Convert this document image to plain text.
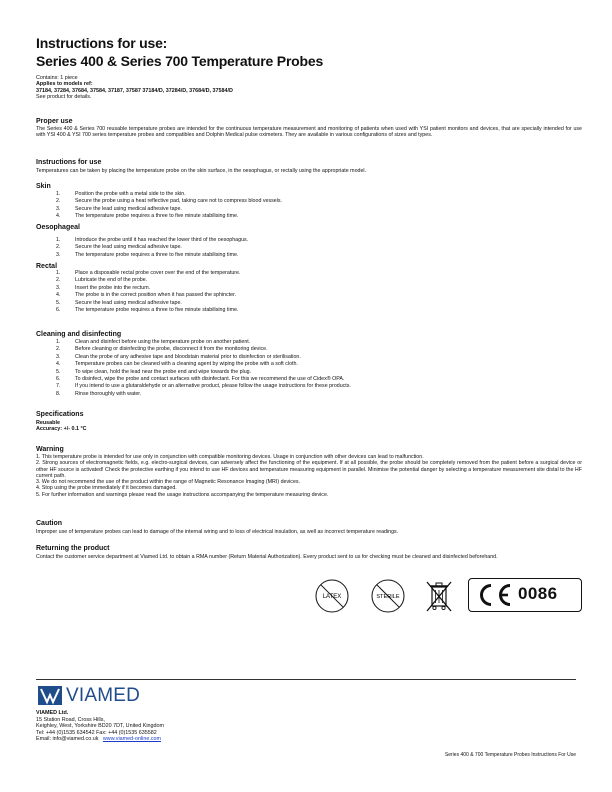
Instructions for use:
Series 400 & Series 700 Temperature Probes
Contains: 1 piece
Applies to models ref:
37184, 37284, 37684, 37584, 37187, 37587 37184/D, 37284/D, 37684/D, 37584/D
See product for details.
Proper use
The Series 400 & Series 700 reusable temperature probes are intended for the continuous temperature measurement and monitoring of patients when used with YSI patient monitors and devices, that are specially intended for use with YSI 400 & YSI 700 series temperature probes and compatibles and Dolphin Medical pulse oximeters. They are available in various configurations of sizes and types.
Instructions for use
Temperatures can be taken by placing the temperature probe on the skin surface, in the oesophagus, or rectally using the appropriate model.
Skin
1.	Position the probe with a metal side to the skin.
2.	Secure the probe using a heat reflective pad, taking care not to compress blood vessels.
3.	Secure the lead using medical adhesive tape.
4.	The temperature probe requires a three to five minute stabilising time.
Oesophageal
1.	Introduce the probe until it has reached the lower third of the oesophagus.
2.	Secure the lead using medical adhesive tape.
3.	The temperature probe requires a three to five minute stabilising time.
Rectal
1.	Place a disposable rectal probe cover over the end of the temperature.
2.	Lubricate the end of the probe.
3.	Insert the probe into the rectum.
4.	The probe is in the correct position when it has passed the sphincter.
5.	Secure the lead using medical adhesive tape.
6.	The temperature probe requires a three to five minute stabilising time.
Cleaning and disinfecting
1.	Clean and disinfect before using the temperature probe on another patient.
2.	Before cleaning or disinfecting the probe, disconnect it from the monitoring device.
3.	Clean the probe of any adhesive tape and bloodstain material prior to disinfection or sterilisation.
4.	Temperature probes can be cleaned with a cleaning agent by wiping the probe with a soft cloth.
5.	To wipe clean, hold the lead near the probe end and wipe towards the plug.
6.	To disinfect, wipe the probe and contact surfaces with disinfectant. For this we recommend the use of Cidex® OPA.
7.	If you intend to use a glutaraldehyde or an alternative product, please follow the usage instructions for these products.
8.	Rinse thoroughly with water.
Specifications
Reusable
Accuracy: +/- 0.1 °C
Warning
1. This temperature probe is intended for use only in conjunction with compatible monitoring devices. Usage in conjunction with other devices can lead to malfunction.
2. Strong sources of electromagnetic fields, e.g. electro-surgical devices, can adversely affect the functioning of the equipment. If at all possible, the probe should be completely removed from the patient before a surgical device or other HF source is activated! Check the protective earthing if you intend to use HF devices and temperature measuring equipment in parallel. Minimise the potential danger by selecting a temperature measurement site distal to the HF current path.
3. We do not recommend the use of the product within the range of Magnetic Resonance Imaging (MRI) devices.
4. Stop using the probe immediately if it becomes damaged.
5. For further information and warnings please read the usage instructions accompanying the temperature measuring device.
Caution
Improper use of temperature probes can lead to damage of the internal wiring and to loss of electrical insulation, as well as incorrect temperature readings.
Returning the product
Contact the customer service department at Viamed Ltd. to obtain a RMA number (Return Material Authorization). Every product sent to us for checking must be cleaned and disinfected beforehand.
LATEX	STERILE	0086
VIAMED
VIAMED Ltd.
15 Station Road, Cross Hills,
Keighley, West, Yorkshire BD20 7DT, United Kingdom
Tel: +44 (0)1535 634542 Fax: +44 (0)1535 635582
Email: info@viamed.co.uk www.viamed-online.com
Series 400 & 700 Temperature Probes Instructions For Use
